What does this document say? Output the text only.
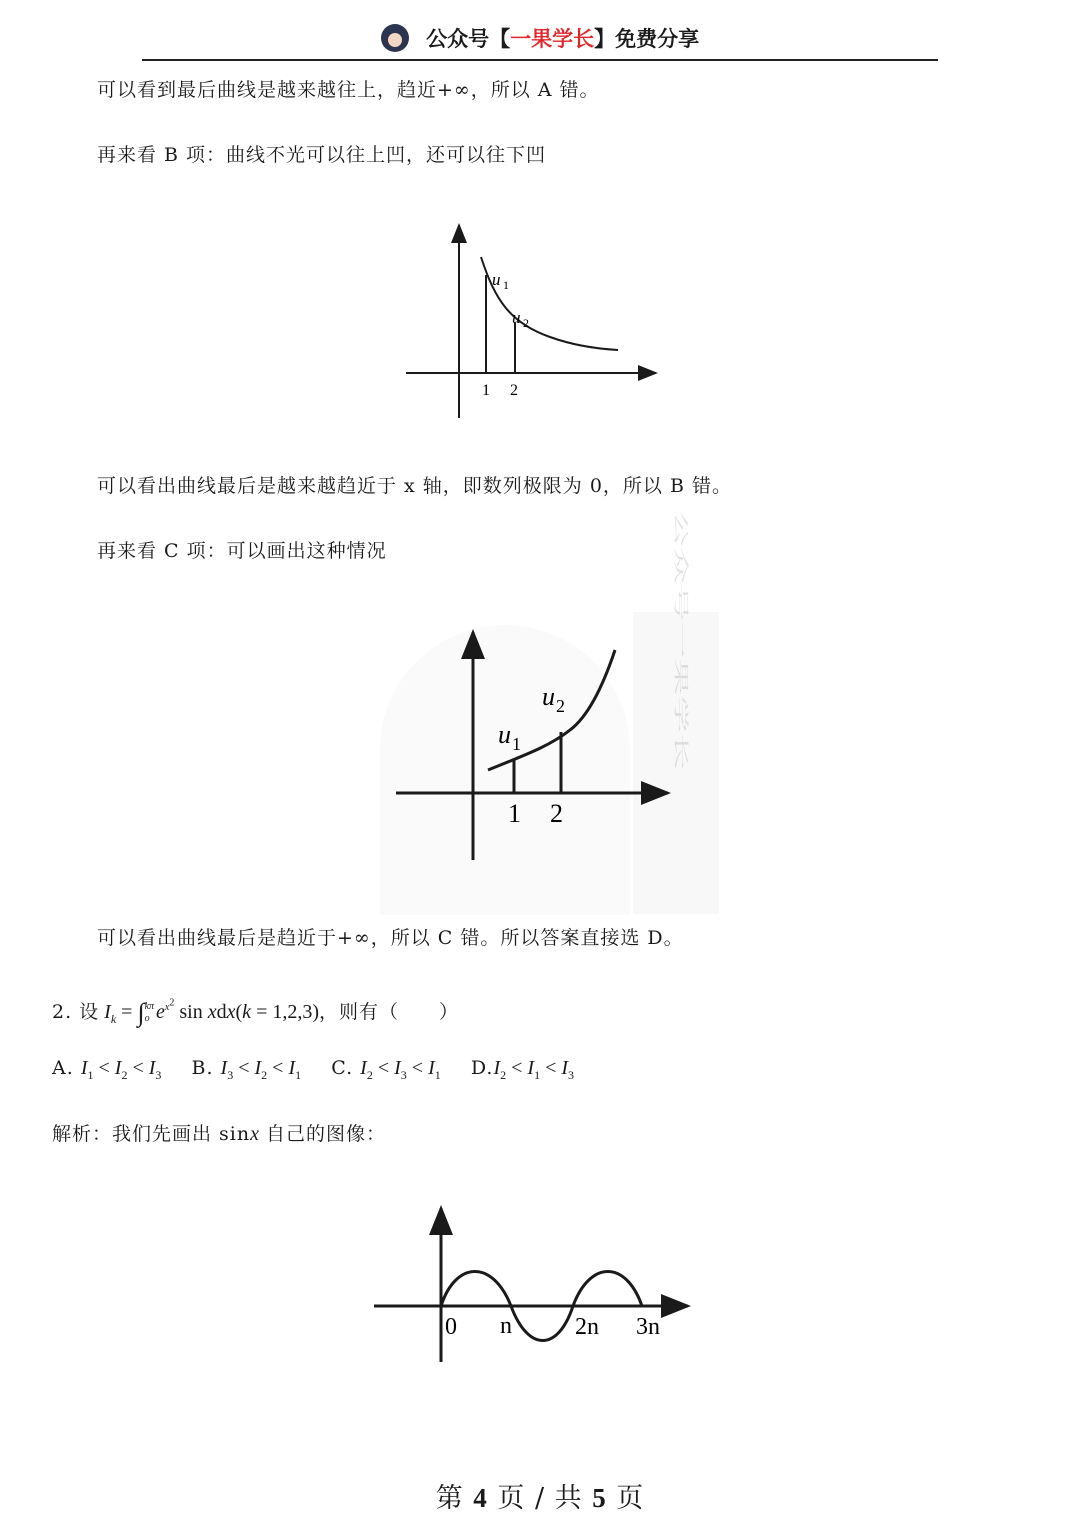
公众号【一果学长】免费分享
公众号一果学长
可以看到最后曲线是越来越往上，趋近+∞，所以 A 错。
再来看 B 项：曲线不光可以往上凹，还可以往下凹
u 1
u 2
1 2
可以看出曲线最后是越来越趋近于 x 轴，即数列极限为 0，所以 B 错。
再来看 C 项：可以画出这种情况
u 1
u 2
1 2
可以看出曲线最后是趋近于+∞，所以 C 错。所以答案直接选 D。
2. 设 $I_k = \int k\pi$
o $e^{x^2}$ sin xdx(k = 1,2,3)，则有（　　）
A. $I_1 < I_2 < I_3$ B. $I_3 < I_2 < I_1$ C. $I_2 < I_3 < I_1$ $D.I_2 < I_1 < I_3$
解析：我们先画出 sinx 自己的图像：
0 n	2n 3n
第 4 页 / 共 5 页
